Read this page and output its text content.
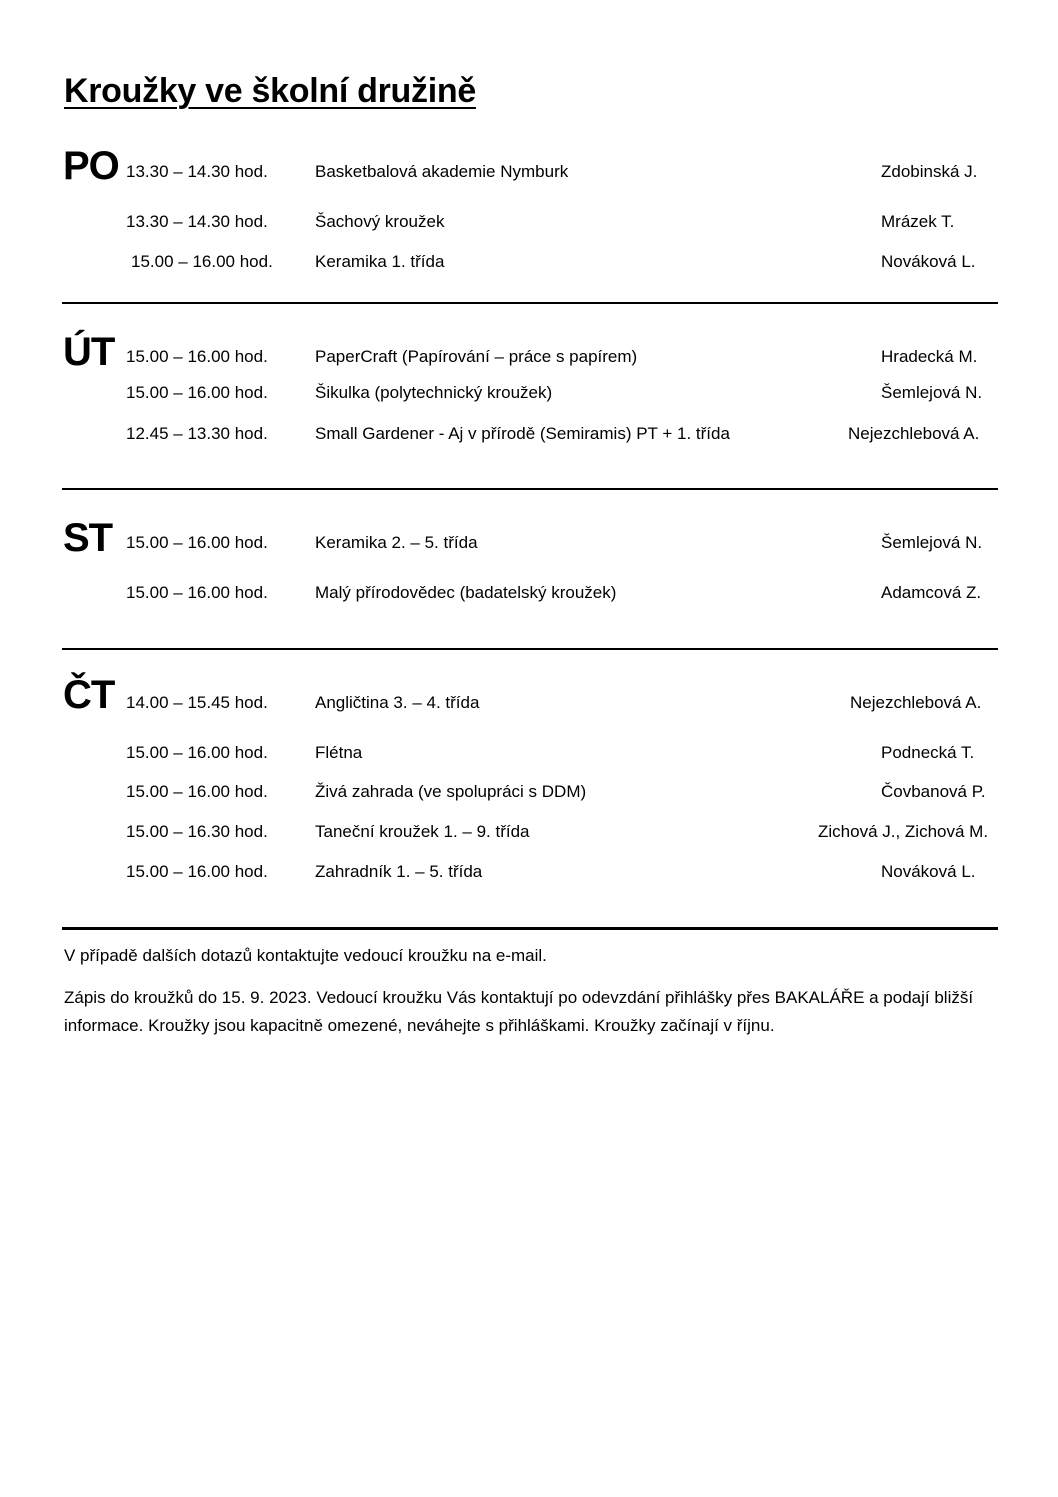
Kroužky ve školní družině
PO 13.30 – 14.30 hod.	Basketbalová akademie Nymburk	Zdobinská J.
13.30 – 14.30 hod.	Šachový kroužek	Mrázek T.
15.00 – 16.00 hod. Keramika 1. třída	Nováková L.
ÚT 15.00 – 16.00 hod.	PaperCraft (Papírování – práce s papírem)	Hradecká M.
15.00 – 16.00 hod.	Šikulka (polytechnický kroužek)	Šemlejová N.
12.45 – 13.30 hod.	Small Gardener - Aj v přírodě (Semiramis) PT + 1. třída	Nejezchlebová A.
ST 15.00 – 16.00 hod.	Keramika 2. – 5. třída	Šemlejová N.
15.00 – 16.00 hod.	Malý přírodovědec (badatelský kroužek)	Adamcová Z.
ČT 14.00 – 15.45 hod.	Angličtina 3. – 4. třída	Nejezchlebová A.
15.00 – 16.00 hod.	Flétna	Podnecká T.
15.00 – 16.00 hod.	Živá zahrada (ve spolupráci s DDM)	Čovbanová P.
15.00 – 16.30 hod.	Taneční kroužek 1. – 9. třída	Zichová J., Zichová M.
15.00 – 16.00 hod.	Zahradník 1. – 5. třída	Nováková L.
V případě dalších dotazů kontaktujte vedoucí kroužku na e-mail.
Zápis do kroužků do 15. 9. 2023. Vedoucí kroužku Vás kontaktují po odevzdání přihlášky přes BAKALÁŘE a podají bližší informace. Kroužky jsou kapacitně omezené, neváhejte s přihláškami. Kroužky začínají v říjnu.
